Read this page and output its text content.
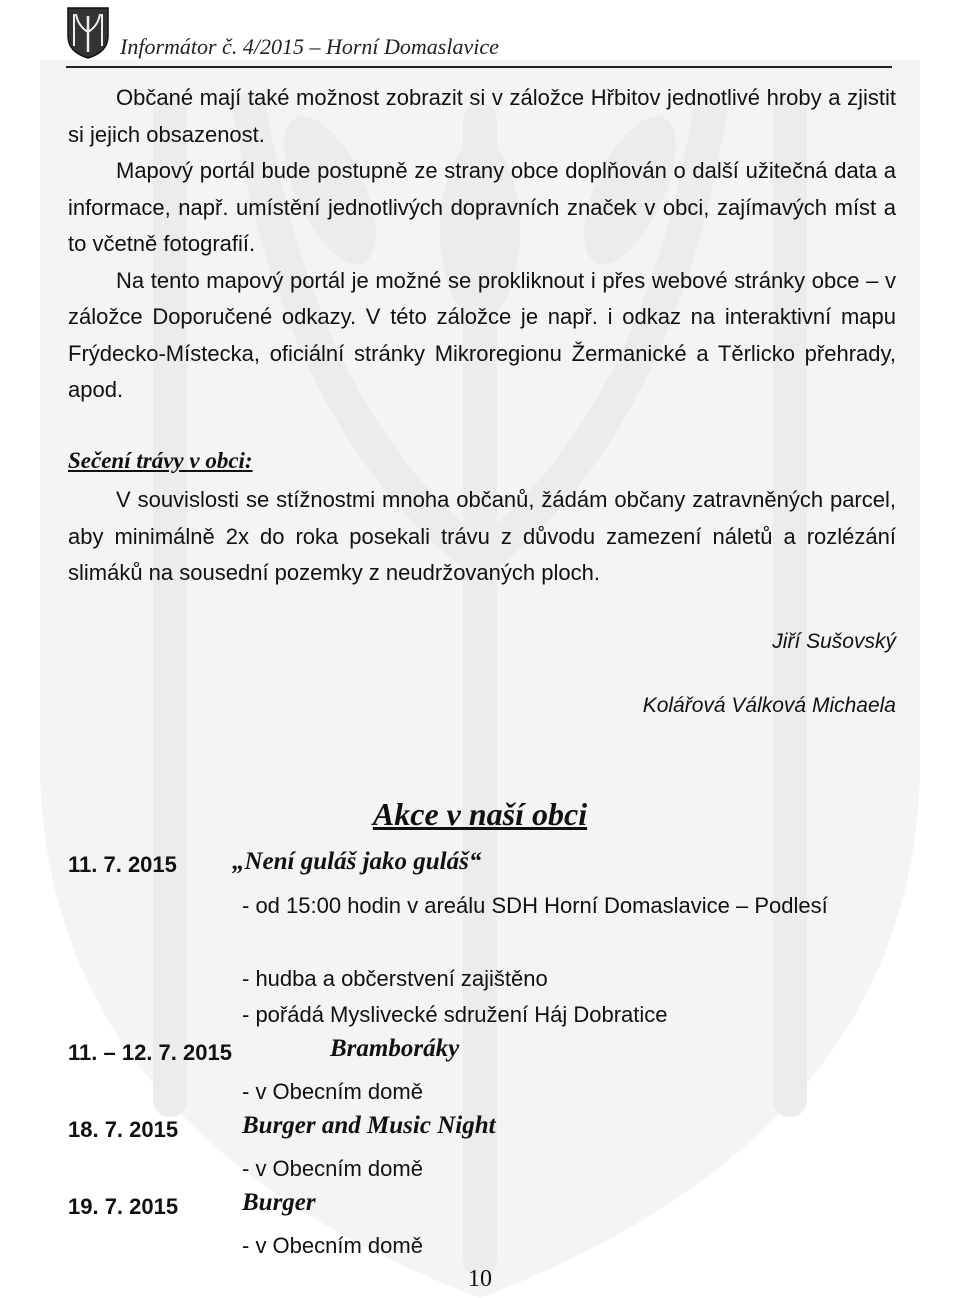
Informátor č. 4/2015 – Horní Domaslavice

Občané mají také možnost zobrazit si v záložce Hřbitov jednotlivé hroby a zjistit si jejich obsazenost.

Mapový portál bude postupně ze strany obce doplňován o další užitečná data a informace, např. umístění jednotlivých dopravních značek v obci, zajímavých míst a to včetně fotografií.

Na tento mapový portál je možné se prokliknout i přes webové stránky obce – v záložce Doporučené odkazy. V této záložce je např. i odkaz na interaktivní mapu Frýdecko-Místecka, oficiální stránky Mikroregionu Žermanické a Těrlicko přehrady, apod.

Sečení trávy v obci:

V souvislosti se stížnostmi mnoha občanů, žádám občany zatravněných parcel, aby minimálně 2x do roka posekali trávu z důvodu zamezení náletů a rozlézání slimáků na sousední pozemky z neudržovaných ploch.

Jiří Sušovský

Kolářová Válková Michaela

Akce v naší obci
11. 7. 2015 „Není guláš jako guláš“
- od 15:00 hodin v areálu SDH Horní Domaslavice – Podlesí
- hudba a občerstvení zajištěno
- pořádá Myslivecké sdružení Háj Dobratice
11. – 12. 7. 2015	Bramboráky
- v Obecním domě
18. 7. 2015	Burger and Music Night
- v Obecním domě
19. 7. 2015	Burger
- v Obecním domě
10
